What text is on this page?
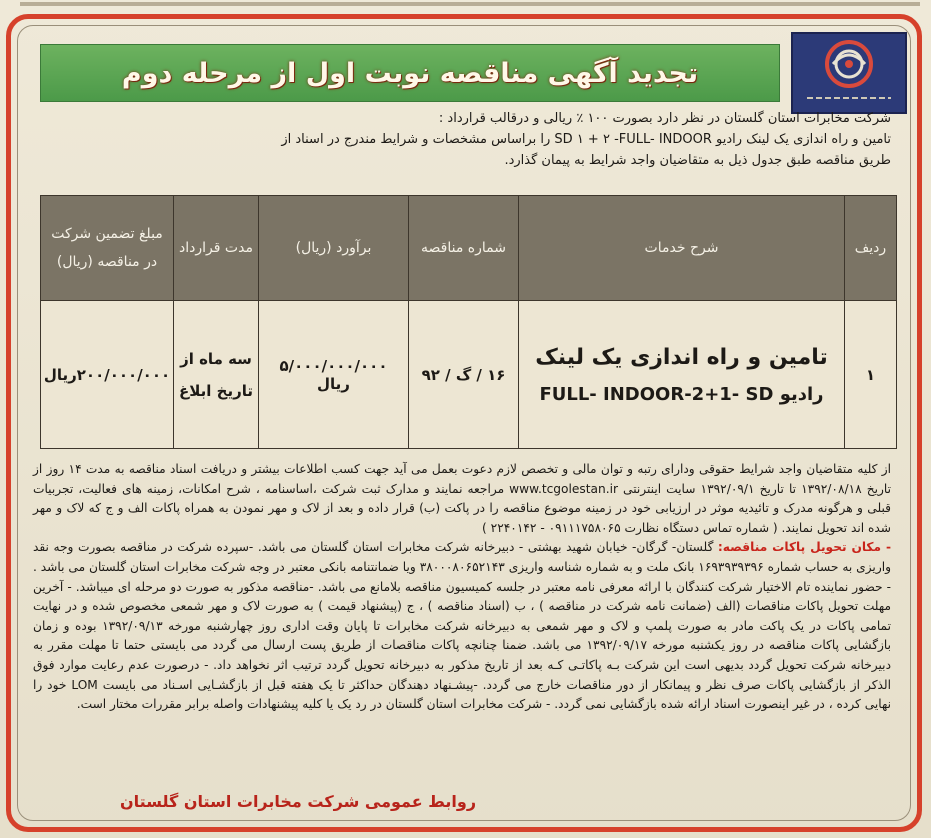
تجدید آگهی مناقصه نوبت اول از مرحله دوم

شرکت مخابرات استان گلستان در نظر دارد بصورت ۱۰۰ ٪ ریالی و درقالب قرارداد :

تامین و راه اندازی یک لینک رادیو SD ۱ + ۲ -FULL- INDOOR را براساس مشخصات و شرایط مندرج در اسناد از

طریق مناقصه طبق جدول ذیل به متقاضیان واجد شرایط به پیمان گذارد.

ردیف	شرح خدمات	شماره مناقصه	برآورد (ریال)	مدت قرارداد	مبلغ تضمین شرکت در مناقصه (ریال)
۱	تامین و راه اندازی یک لینک
رادیو FULL- INDOOR-2+1- SD	۱۶ / گ / ۹۲	۵/۰۰۰/۰۰۰/۰۰۰ ریال	سه ماه از تاریخ ابلاغ	۲۰۰/۰۰۰/۰۰۰ریال

از کلیه متقاضیان واجد شرایط حقوقی ودارای رتبه و توان مالی و تخصص لازم دعوت بعمل می آید جهت کسب اطلاعات بیشتر و دریافت اسناد مناقصه به مدت ۱۴ روز از تاریخ ۱۳۹۲/۰۸/۱۸ تا تاریخ ۱۳۹۲/۰۹/۱ سایت اینترنتی www.tcgolestan.ir مراجعه نمایند و مدارک ثبت شرکت ،اساسنامه ، شرح امکانات، زمینه های فعالیت، تجربیات قبلی و هرگونه مدرک و تائیدیه موثر در ارزیابی خود در زمینه موضوع مناقصه را در پاکت (ب) قرار داده و بعد از لاک و مهر نمودن به همراه پاکات الف و ج که لاک و مهر شده اند تحویل نمایند. ( شماره تماس دستگاه نظارت ۰۹۱۱۱۷۵۸۰۶۵ - ۲۲۴۰۱۴۲ )

- مکان تحویل پاکات مناقصه: گلستان- گرگان- خیابان شهید بهشتی - دبیرخانه شرکت مخابرات استان گلستان می باشد. -سپرده شرکت در مناقصه بصورت وجه نقد واریزی به حساب شماره ۱۶۹۳۹۳۹۳۹۶ بانک ملت و به شماره شناسه واریزی ۳۸۰۰۰۸۰۶۵۲۱۴۳ ویا ضمانتنامه بانکی معتبر در وجه شرکت مخابرات استان گلستان می باشد . - حضور نماینده تام الاختیار شرکت کنندگان با ارائه معرفی نامه معتبر در جلسه کمیسیون مناقصه بلامانع می باشد. -مناقصه مذکور به صورت دو مرحله ای میباشد. - آخرین مهلت تحویل پاکات مناقصات (الف (ضمانت نامه شرکت در مناقصه ) ، ب (اسناد مناقصه ) ، ج (پیشنهاد قیمت ) به صورت لاک و مهر شمعی مخصوص شده و در نهایت تمامی پاکات در یک پاکت مادر به صورت پلمپ و لاک و مهر شمعی به دبیرخانه شرکت مخابرات تا پایان وقت اداری روز چهارشنبه مورخه ۱۳۹۲/۰۹/۱۳ بوده و زمان بازگشایی پاکات مناقصه در روز یکشنبه مورخه ۱۳۹۲/۰۹/۱۷ می باشد. ضمنا چنانچه پاکات مناقصات از طریق پست ارسال می گردد می بایستی حتما تا مهلت مقرر به دبیرخانه شرکت تحویل گردد بدیهی است این شرکت بـه پاکاتـی کـه بعد از تاریخ مذکور به دبیرخانه تحویل گردد ترتیب اثر نخواهد داد. - درصورت عدم رعایت موارد فوق الذکر از بازگشایی پاکات صرف نظر و پیمانکار از دور مناقصات خارج می گردد. -پیشـنهاد دهندگان حداکثر تا یک هفته قبل از بازگشـایی اسـناد می بایست LOM خود را نهایی کرده ، در غیر اینصورت اسناد ارائه شده بازگشایی نمی گردد. - شرکت مخابرات استان گلستان در رد یک یا کلیه پیشنهادات واصله برابر مقررات مختار است.

روابط عمومی شرکت مخابرات استان گلستان
